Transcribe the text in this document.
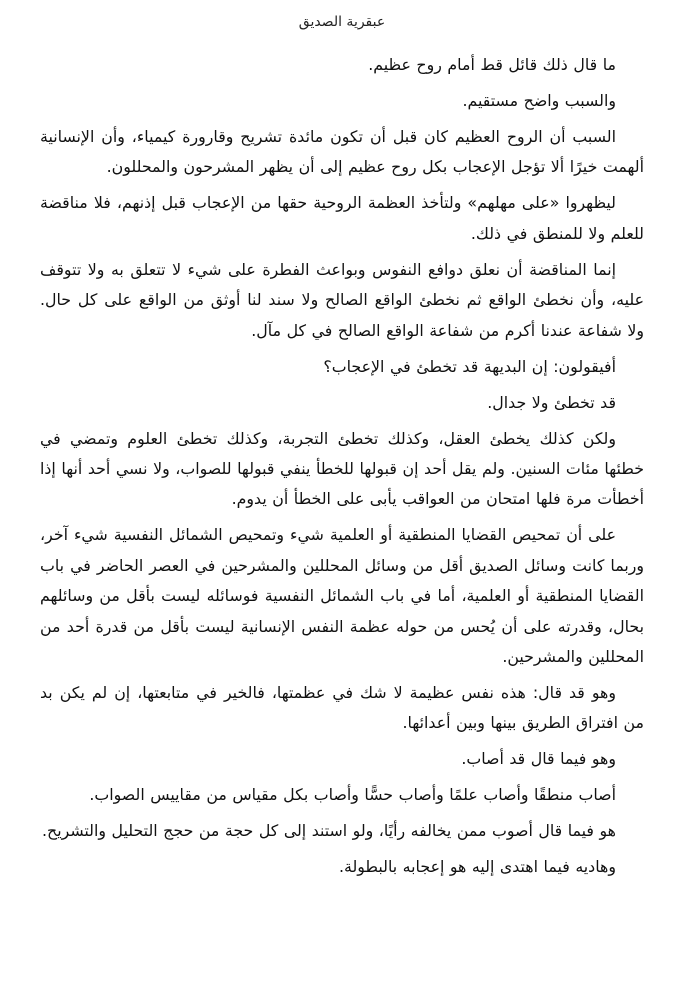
عبقرية الصديق

ما قال ذلك قائل قط أمام روح عظيم.

والسبب واضح مستقيم.

السبب أن الروح العظيم كان قبل أن تكون مائدة تشريح وقارورة كيمياء، وأن الإنسانية ألهمت خيرًا ألا تؤجل الإعجاب بكل روح عظيم إلى أن يظهر المشرحون والمحللون.

ليظهروا «على مهلهم» ولتأخذ العظمة الروحية حقها من الإعجاب قبل إذنهم، فلا مناقضة للعلم ولا للمنطق في ذلك.

إنما المناقضة أن نعلق دوافع النفوس وبواعث الفطرة على شيء لا تتعلق به ولا تتوقف عليه، وأن نخطئ الواقع ثم نخطئ الواقع الصالح ولا سند لنا أوثق من الواقع على كل حال. ولا شفاعة عندنا أكرم من شفاعة الواقع الصالح في كل مآل.

أفيقولون: إن البديهة قد تخطئ في الإعجاب؟

قد تخطئ ولا جدال.

ولكن كذلك يخطئ العقل، وكذلك تخطئ التجربة، وكذلك تخطئ العلوم وتمضي في خطئها مئات السنين. ولم يقل أحد إن قبولها للخطأ ينفي قبولها للصواب، ولا نسي أحد أنها إذا أخطأت مرة فلها امتحان من العواقب يأبى على الخطأ أن يدوم.

على أن تمحيص القضايا المنطقية أو العلمية شيء وتمحيص الشمائل النفسية شيء آخر، وربما كانت وسائل الصديق أقل من وسائل المحللين والمشرحين في العصر الحاضر في باب القضايا المنطقية أو العلمية، أما في باب الشمائل النفسية فوسائله ليست بأقل من وسائلهم بحال، وقدرته على أن يُحس من حوله عظمة النفس الإنسانية ليست بأقل من قدرة أحد من المحللين والمشرحين.

وهو قد قال: هذه نفس عظيمة لا شك في عظمتها، فالخير في متابعتها، إن لم يكن بد من افتراق الطريق بينها وبين أعدائها.

وهو فيما قال قد أصاب.

أصاب منطقًا وأصاب علمًا وأصاب حسًّا وأصاب بكل مقياس من مقاييس الصواب.

هو فيما قال أصوب ممن يخالفه رأيًا، ولو استند إلى كل حجة من حجج التحليل والتشريح.

وهاديه فيما اهتدى إليه هو إعجابه بالبطولة.
